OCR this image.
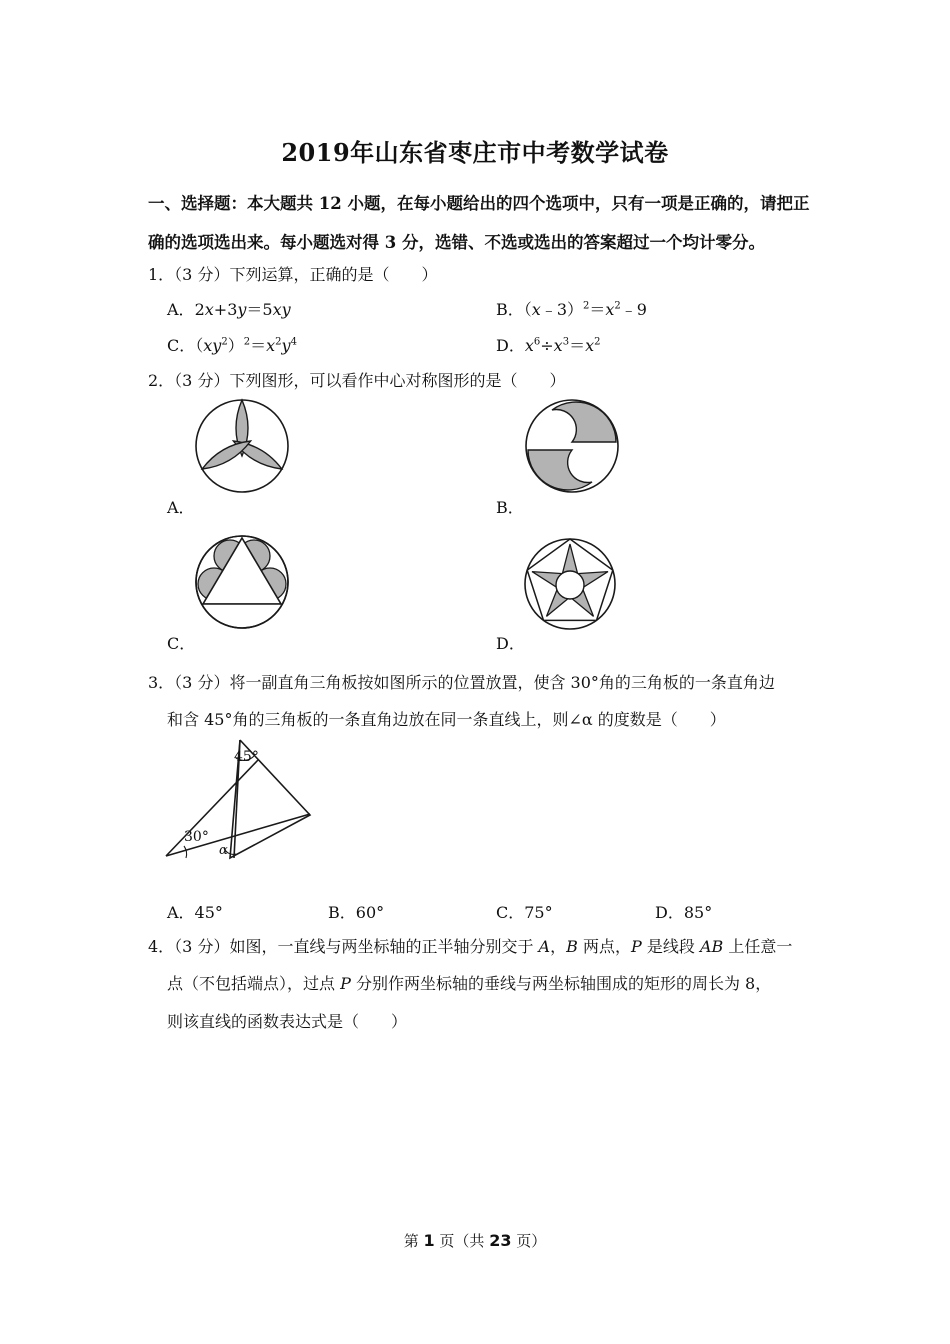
2019年山东省枣庄市中考数学试卷
一、选择题：本大题共 12 小题，在每小题给出的四个选项中，只有一项是正确的，请把正
确的选项选出来。每小题选对得 3 分，选错、不选或选出的答案超过一个均计零分。
1．（3 分）下列运算，正确的是（　　）
A．2x+3y＝5xy	B．$(x﹣3)^2=x^2﹣9$
C．$(xy^2)^2=x^2y^4$	D．$x^6\div x^3=x^2$
2．（3 分）下列图形，可以看作中心对称图形的是（　　）
A．	B．
C．	D．
3．（3 分）将一副直角三角板按如图所示的位置放置，使含 30°角的三角板的一条直角边
和含 45°角的三角板的一条直角边放在同一条直线上，则∠α 的度数是（　　）
45°
30°
α
A．45°	B．60°	C．75°	D．85°
4．（3 分）如图，一直线与两坐标轴的正半轴分别交于 A，B 两点，P 是线段 AB 上任意一
点（不包括端点），过点 P 分别作两坐标轴的垂线与两坐标轴围成的矩形的周长为 8，
则该直线的函数表达式是（　　）
第 1 页（共 23 页）
